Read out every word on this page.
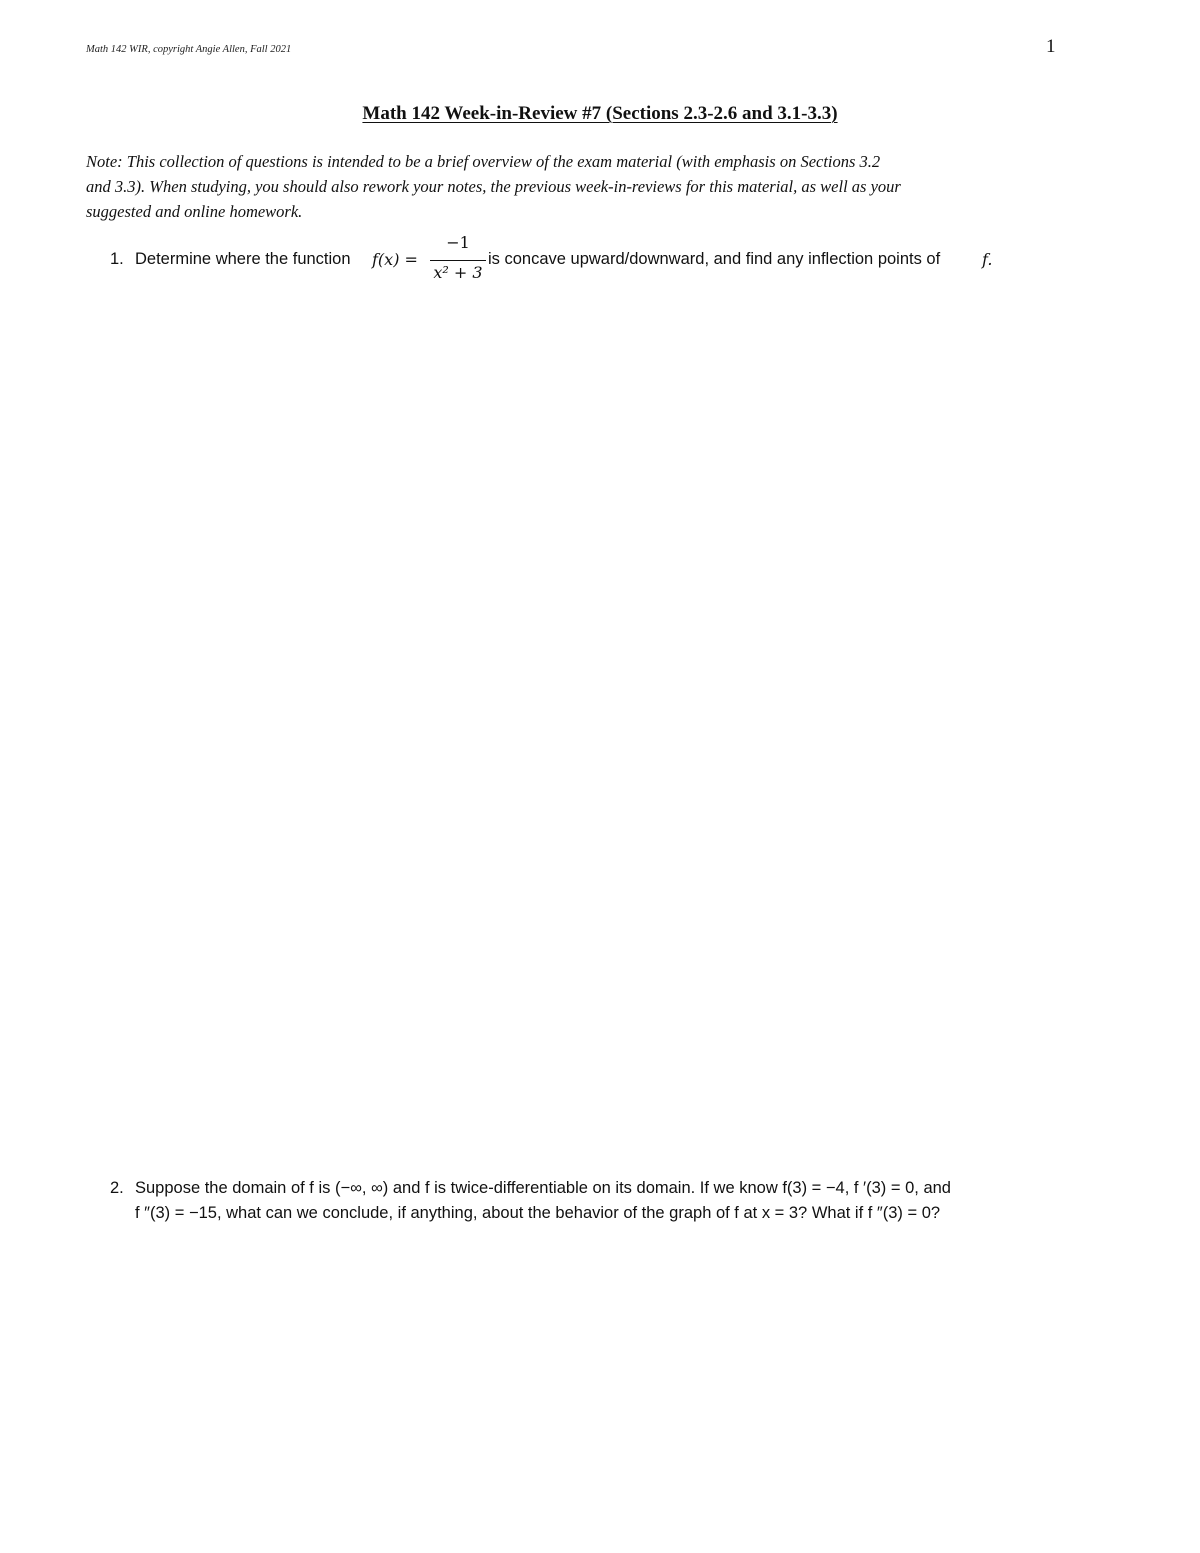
Math 142 WIR, copyright Angie Allen, Fall 2021	1
Math 142 Week-in-Review #7 (Sections 2.3-2.6 and 3.1-3.3)
Note: This collection of questions is intended to be a brief overview of the exam material (with emphasis on Sections 3.2
and 3.3). When studying, you should also rework your notes, the previous week-in-reviews for this material, as well as your
suggested and online homework.
1. Determine where the function f(x) =
−1
x² + 3
is concave upward/downward, and find any inflection points of	f.
2. Suppose the domain of f is (−∞, ∞) and f is twice-differentiable on its domain. If we know f(3) = −4, f ′(3) = 0, and
f ″(3) = −15, what can we conclude, if anything, about the behavior of the graph of f at x = 3? What if f ″(3) = 0?
